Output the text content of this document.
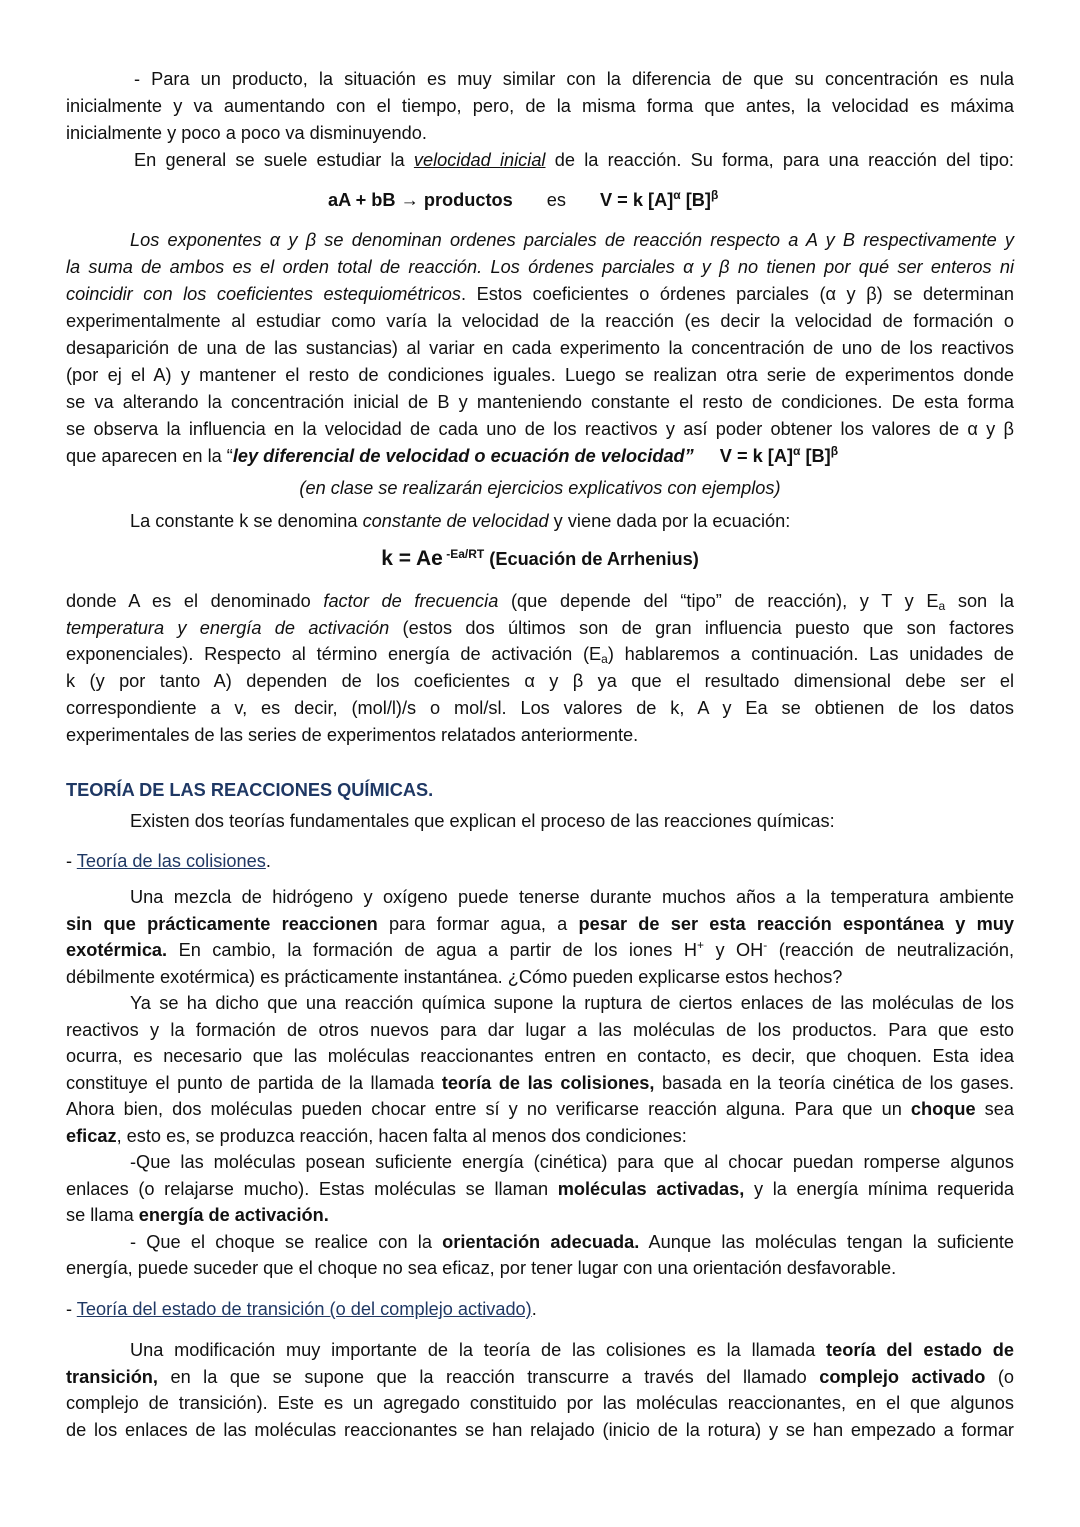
- Para un producto, la situación es muy similar con la diferencia de que su concentración es nula
inicialmente y va aumentando con el tiempo, pero, de la misma forma que antes, la velocidad es máxima
inicialmente y poco a poco va disminuyendo.
En general se suele estudiar la velocidad inicial de la reacción. Su forma, para una reacción del tipo:
aA + bB → productos es V = k $[A]^\alpha$ $[B]^\beta$
Los exponentes α y β se denominan ordenes parciales de reacción respecto a A y B respectivamente y
la suma de ambos es el orden total de reacción. Los órdenes parciales α y β no tienen por qué ser enteros ni
coincidir con los coeficientes estequiométricos. Estos coeficientes o órdenes parciales (α y β) se determinan
experimentalmente al estudiar como varía la velocidad de la reacción (es decir la velocidad de formación o
desaparición de una de las sustancias) al variar en cada experimento la concentración de uno de los reactivos
(por ej el A) y mantener el resto de condiciones iguales. Luego se realizan otra serie de experimentos donde
se va alterando la concentración inicial de B y manteniendo constante el resto de condiciones. De esta forma
se observa la influencia en la velocidad de cada uno de los reactivos y así poder obtener los valores de α y β
que aparecen en la “ley diferencial de velocidad o ecuación de velocidad” V = k $[A]^\alpha$ $[B]^\beta$
(en clase se realizarán ejercicios explicativos con ejemplos)
La constante k se denomina constante de velocidad y viene dada por la ecuación:
k = Ae $^{-Ea/RT}$ (Ecuación de Arrhenius)
donde A es el denominado factor de frecuencia (que depende del “tipo” de reacción), y T y $E_a$ son la
temperatura y energía de activación (estos dos últimos son de gran influencia puesto que son factores
exponenciales). Respecto al término energía de activación $(E_a)$ hablaremos a continuación. Las unidades de
k (y por tanto A) dependen de los coeficientes α y β ya que el resultado dimensional debe ser el
correspondiente a v, es decir, (mol/l)/s o mol/sl. Los valores de k, A y Ea se obtienen de los datos
experimentales de las series de experimentos relatados anteriormente.
TEORÍA DE LAS REACCIONES QUÍMICAS.
Existen dos teorías fundamentales que explican el proceso de las reacciones químicas:
- Teoría de las colisiones.
Una mezcla de hidrógeno y oxígeno puede tenerse durante muchos años a la temperatura ambiente
sin que prácticamente reaccionen para formar agua, a pesar de ser esta reacción espontánea y muy
exotérmica. En cambio, la formación de agua a partir de los iones H+ y OH- (reacción de neutralización,
débilmente exotérmica) es prácticamente instantánea. ¿Cómo pueden explicarse estos hechos?
Ya se ha dicho que una reacción química supone la ruptura de ciertos enlaces de las moléculas de los
reactivos y la formación de otros nuevos para dar lugar a las moléculas de los productos. Para que esto
ocurra, es necesario que las moléculas reaccionantes entren en contacto, es decir, que choquen. Esta idea
constituye el punto de partida de la llamada teoría de las colisiones, basada en la teoría cinética de los gases.
Ahora bien, dos moléculas pueden chocar entre sí y no verificarse reacción alguna. Para que un choque sea
eficaz, esto es, se produzca reacción, hacen falta al menos dos condiciones:
-Que las moléculas posean suficiente energía (cinética) para que al chocar puedan romperse algunos
enlaces (o relajarse mucho). Estas moléculas se llaman moléculas activadas, y la energía mínima requerida
se llama energía de activación.
- Que el choque se realice con la orientación adecuada. Aunque las moléculas tengan la suficiente
energía, puede suceder que el choque no sea eficaz, por tener lugar con una orientación desfavorable.
- Teoría del estado de transición (o del complejo activado).
Una modificación muy importante de la teoría de las colisiones es la llamada teoría del estado de
transición, en la que se supone que la reacción transcurre a través del llamado complejo activado (o
complejo de transición). Este es un agregado constituido por las moléculas reaccionantes, en el que algunos
de los enlaces de las moléculas reaccionantes se han relajado (inicio de la rotura) y se han empezado a formar
